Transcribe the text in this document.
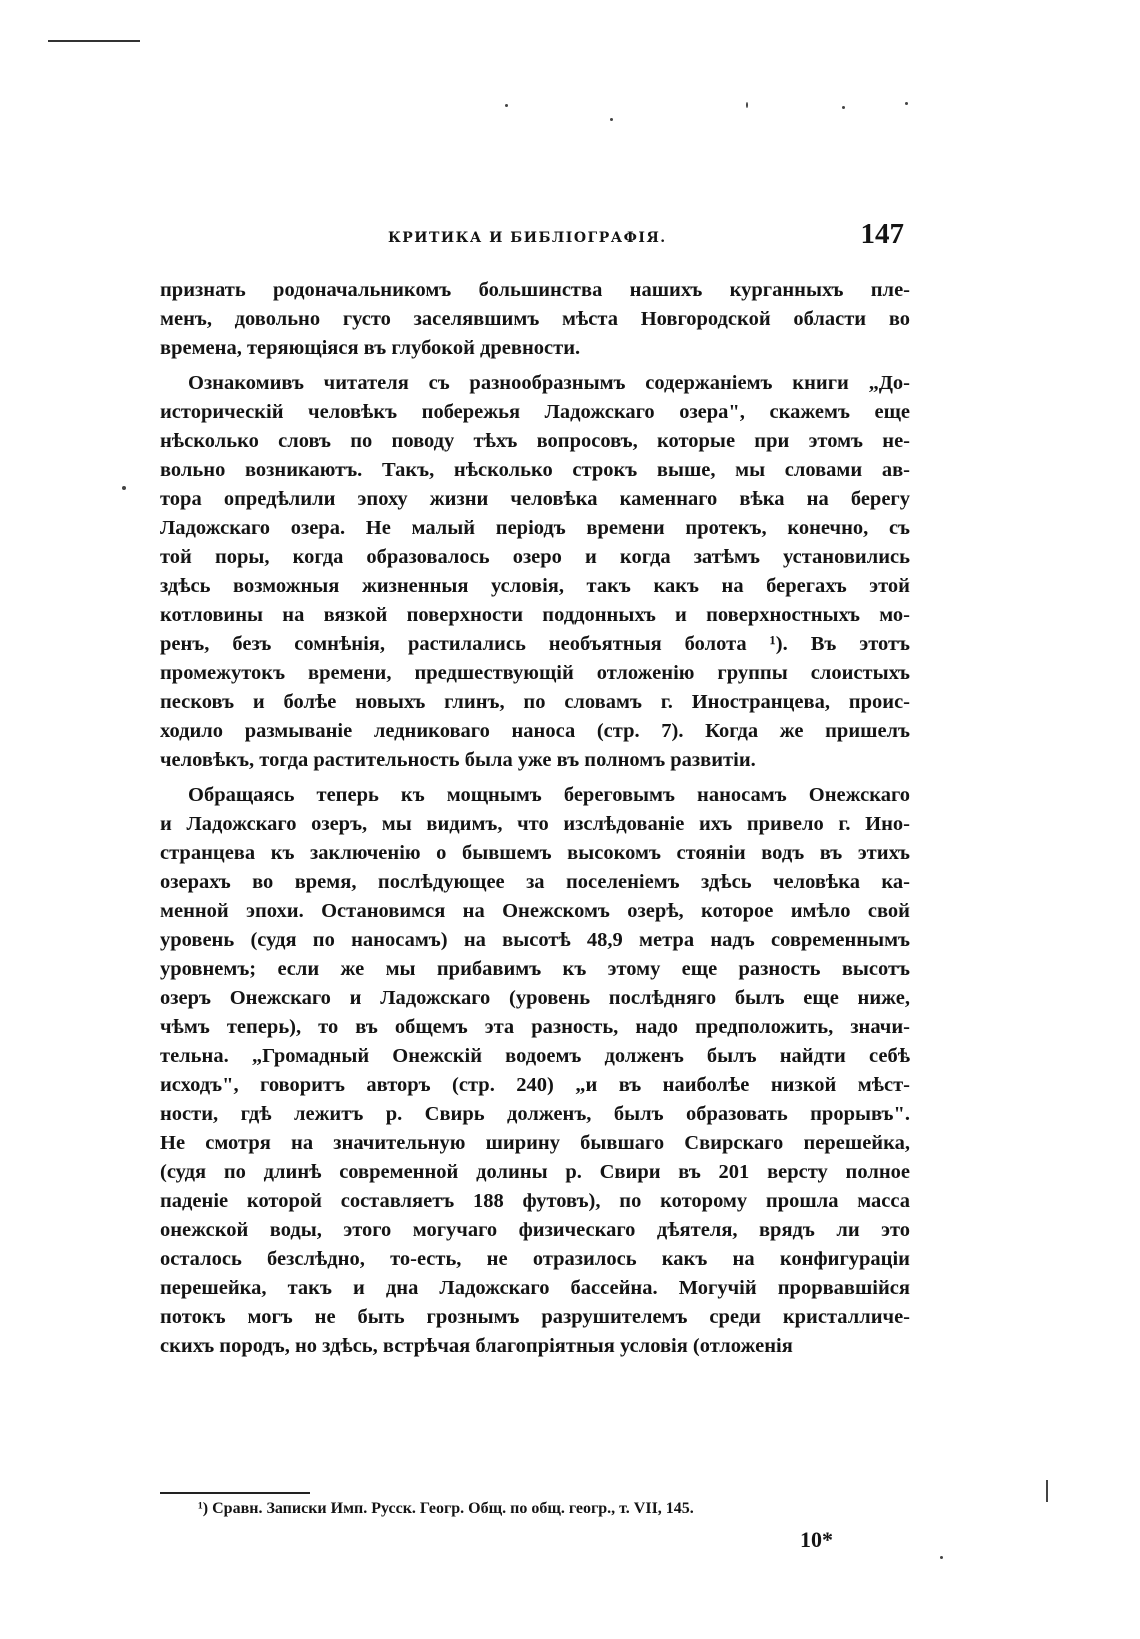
КРИТИКА И БИБЛІОГРАФІЯ.	147
признать родоначальникомъ большинства нашихъ курганныхъ пле-
менъ, довольно густо заселявшимъ мѣста Новгородской области во
времена, теряющіяся въ глубокой древности.
Ознакомивъ читателя съ разнообразнымъ содержаніемъ книги „До-
историческій человѣкъ побережья Ладожскаго озера", скажемъ еще
нѣсколько словъ по поводу тѣхъ вопросовъ, которые при этомъ не-
вольно возникаютъ. Такъ, нѣсколько строкъ выше, мы словами ав-
тора опредѣлили эпоху жизни человѣка каменнаго вѣка на берегу
Ладожскаго озера. Не малый періодъ времени протекъ, конечно, съ
той поры, когда образовалось озеро и когда затѣмъ установились
здѣсь возможныя жизненныя условія, такъ какъ на берегахъ этой
котловины на вязкой поверхности поддонныхъ и поверхностныхъ мо-
ренъ, безъ сомнѣнія, растилались необъятныя болота ¹). Въ этотъ
промежутокъ времени, предшествующій отложенію группы слоистыхъ
песковъ и болѣе новыхъ глинъ, по словамъ г. Иностранцева, проис-
ходило размываніе ледниковаго наноса (стр. 7). Когда же пришелъ
человѣкъ, тогда растительность была уже въ полномъ развитіи.
Обращаясь теперь къ мощнымъ береговымъ наносамъ Онежскаго
и Ладожскаго озеръ, мы видимъ, что изслѣдованіе ихъ привело г. Ино-
странцева къ заключенію о бывшемъ высокомъ стояніи водъ въ этихъ
озерахъ во время, послѣдующее за поселеніемъ здѣсь человѣка ка-
менной эпохи. Остановимся на Онежскомъ озерѣ, которое имѣло свой
уровень (судя по наносамъ) на высотѣ 48,9 метра надъ современнымъ
уровнемъ; если же мы прибавимъ къ этому еще разность высотъ
озеръ Онежскаго и Ладожскаго (уровень послѣдняго былъ еще ниже,
чѣмъ теперь), то въ общемъ эта разность, надо предположить, значи-
тельна. „Громадный Онежскій водоемъ долженъ былъ найдти себѣ
исходъ", говоритъ авторъ (стр. 240) „и въ наиболѣе низкой мѣст-
ности, гдѣ лежитъ р. Свирь долженъ, былъ образовать прорывъ".
Не смотря на значительную ширину бывшаго Свирскаго перешейка,
(судя по длинѣ современной долины р. Свири въ 201 версту полное
паденіе которой составляетъ 188 футовъ), по которому прошла масса
онежской воды, этого могучаго физическаго дѣятеля, врядъ ли это
осталось безслѣдно, то-есть, не отразилось какъ на конфигураціи
перешейка, такъ и дна Ладожскаго бассейна. Могучій прорвавшійся
потокъ могъ не быть грознымъ разрушителемъ среди кристалличе-
скихъ породъ, но здѣсь, встрѣчая благопріятныя условія (отложенія
¹) Сравн. Записки Имп. Русск. Геогр. Общ. по общ. геогр., т. VII, 145.
10*
